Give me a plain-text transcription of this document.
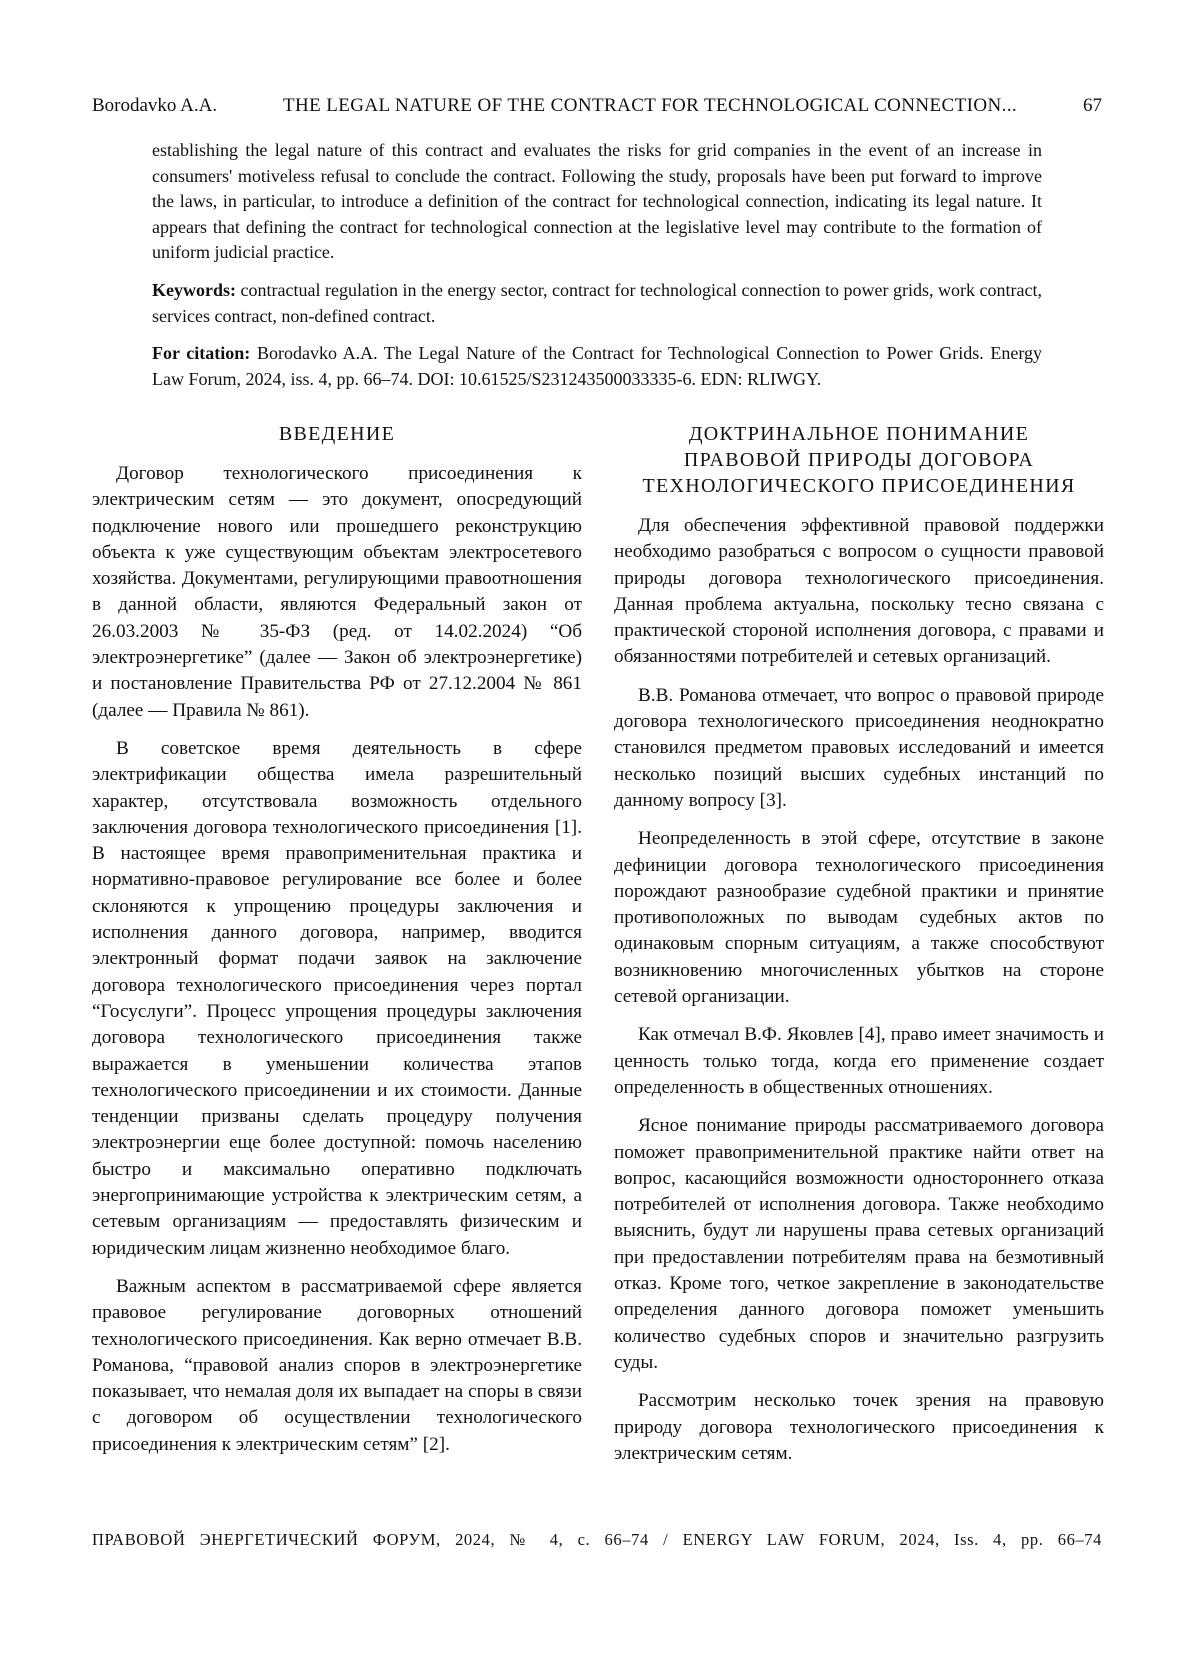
Borodavko A.A.	THE LEGAL NATURE OF THE CONTRACT FOR TECHNOLOGICAL CONNECTION...	67

establishing the legal nature of this contract and evaluates the risks for grid companies in the event of an increase in consumers' motiveless refusal to conclude the contract. Following the study, proposals have been put forward to improve the laws, in particular, to introduce a definition of the contract for technological connection, indicating its legal nature. It appears that defining the contract for technological connection at the legislative level may contribute to the formation of uniform judicial practice.

Keywords: contractual regulation in the energy sector, contract for technological connection to power grids, work contract, services contract, non-defined contract.

For citation: Borodavko A.A. The Legal Nature of the Contract for Technological Connection to Power Grids. Energy Law Forum, 2024, iss. 4, pp. 66–74. DOI: 10.61525/S231243500033335-6. EDN: RLIWGY.

ВВЕДЕНИЕ

Договор технологического присоединения к электрическим сетям — это документ, опосредующий подключение нового или прошедшего реконструкцию объекта к уже существующим объектам электросетевого хозяйства. Документами, регулирующими правоотношения в данной области, являются Федеральный закон от 26.03.2003 № 35-ФЗ (ред. от 14.02.2024) “Об электроэнергетике” (далее — Закон об электроэнергетике) и постановление Правительства РФ от 27.12.2004 № 861 (далее — Правила № 861).

В советское время деятельность в сфере электрификации общества имела разрешительный характер, отсутствовала возможность отдельного заключения договора технологического присоединения [1]. В настоящее время правоприменительная практика и нормативно-правовое регулирование все более и более склоняются к упрощению процедуры заключения и исполнения данного договора, например, вводится электронный формат подачи заявок на заключение договора технологического присоединения через портал “Госуслуги”. Процесс упрощения процедуры заключения договора технологического присоединения также выражается в уменьшении количества этапов технологического присоединении и их стоимости. Данные тенденции призваны сделать процедуру получения электроэнергии еще более доступной: помочь населению быстро и максимально оперативно подключать энергопринимающие устройства к электрическим сетям, а сетевым организациям — предоставлять физическим и юридическим лицам жизненно необходимое благо.

Важным аспектом в рассматриваемой сфере является правовое регулирование договорных отношений технологического присоединения. Как верно отмечает В.В. Романова, “правовой анализ споров в электроэнергетике показывает, что немалая доля их выпадает на споры в связи с договором об осуществлении технологического присоединения к электрическим сетям” [2].

ДОКТРИНАЛЬНОЕ ПОНИМАНИЕ
ПРАВОВОЙ ПРИРОДЫ ДОГОВОРА
ТЕХНОЛОГИЧЕСКОГО ПРИСОЕДИНЕНИЯ

Для обеспечения эффективной правовой поддержки необходимо разобраться с вопросом о сущности правовой природы договора технологического присоединения. Данная проблема актуальна, поскольку тесно связана с практической стороной исполнения договора, с правами и обязанностями потребителей и сетевых организаций.

В.В. Романова отмечает, что вопрос о правовой природе договора технологического присоединения неоднократно становился предметом правовых исследований и имеется несколько позиций высших судебных инстанций по данному вопросу [3].

Неопределенность в этой сфере, отсутствие в законе дефиниции договора технологического присоединения порождают разнообразие судебной практики и принятие противоположных по выводам судебных актов по одинаковым спорным ситуациям, а также способствуют возникновению многочисленных убытков на стороне сетевой организации.

Как отмечал В.Ф. Яковлев [4], право имеет значимость и ценность только тогда, когда его применение создает определенность в общественных отношениях.

Ясное понимание природы рассматриваемого договора поможет правоприменительной практике найти ответ на вопрос, касающийся возможности одностороннего отказа потребителей от исполнения договора. Также необходимо выяснить, будут ли нарушены права сетевых организаций при предоставлении потребителям права на безмотивный отказ. Кроме того, четкое закрепление в законодательстве определения данного договора поможет уменьшить количество судебных споров и значительно разгрузить суды.

Рассмотрим несколько точек зрения на правовую природу договора технологического присоединения к электрическим сетям.

ПРАВОВОЙ ЭНЕРГЕТИЧЕСКИЙ ФОРУМ, 2024, № 4, с. 66–74 / ENERGY LAW FORUM, 2024, Iss. 4, pp. 66–74
